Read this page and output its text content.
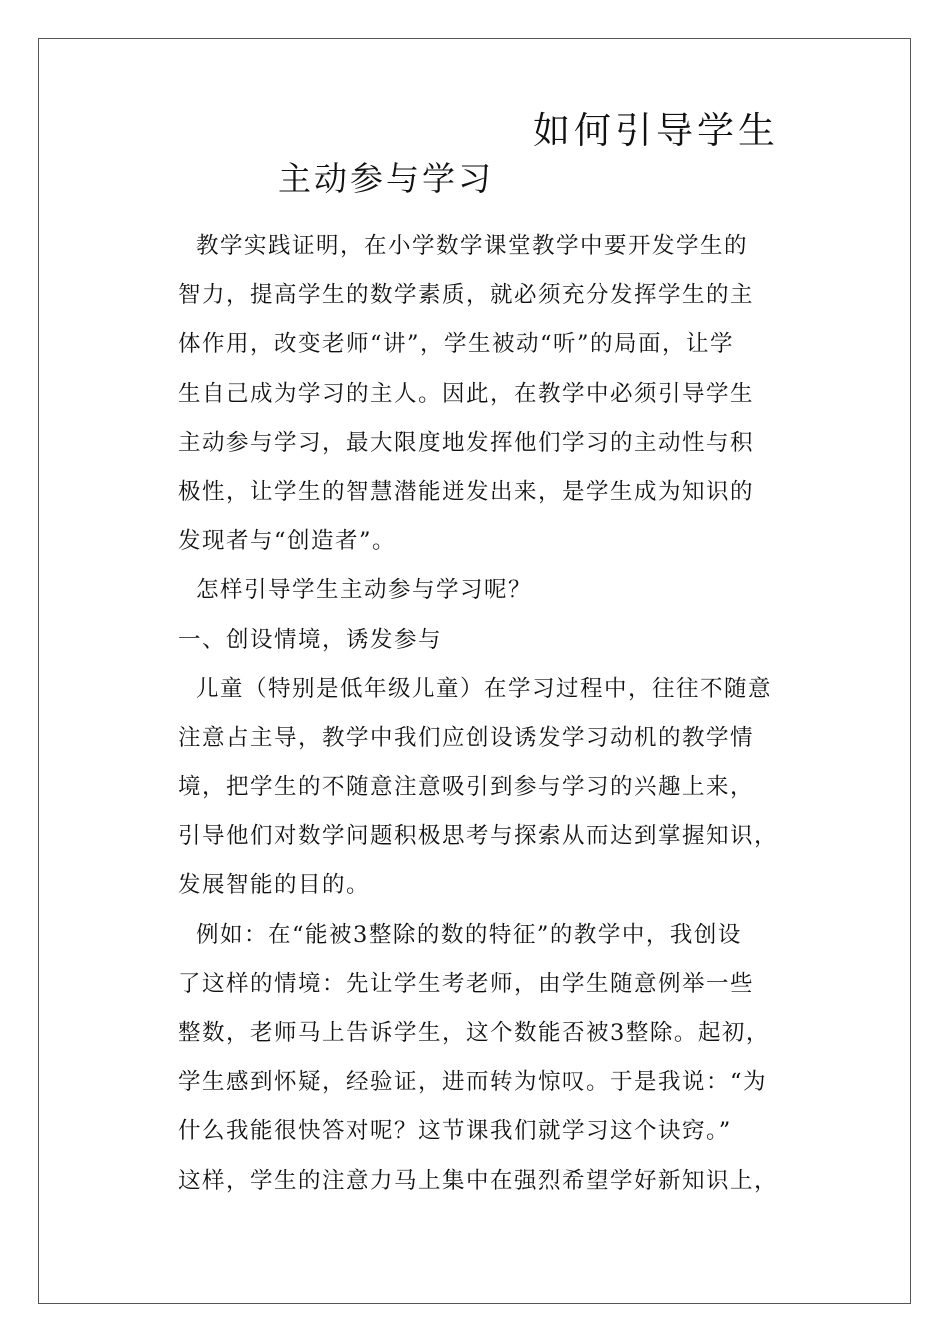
如何引导学生
主动参与学习
教学实践证明，在小学数学课堂教学中要开发学生的
智力，提高学生的数学素质，就必须充分发挥学生的主
体作用，改变老师“讲”，学生被动“听”的局面，让学
生自己成为学习的主人。因此，在教学中必须引导学生
主动参与学习，最大限度地发挥他们学习的主动性与积
极性，让学生的智慧潜能迸发出来，是学生成为知识的
发现者与“创造者”。
怎样引导学生主动参与学习呢？
一、创设情境，诱发参与
儿童（特别是低年级儿童）在学习过程中，往往不随意
注意占主导，教学中我们应创设诱发学习动机的教学情
境，把学生的不随意注意吸引到参与学习的兴趣上来，
引导他们对数学问题积极思考与探索从而达到掌握知识，
发展智能的目的。
例如：在“能被3整除的数的特征”的教学中，我创设
了这样的情境：先让学生考老师，由学生随意例举一些
整数，老师马上告诉学生，这个数能否被3整除。起初，
学生感到怀疑，经验证，进而转为惊叹。于是我说：“为
什么我能很快答对呢？这节课我们就学习这个诀窍。”
这样，学生的注意力马上集中在强烈希望学好新知识上，
